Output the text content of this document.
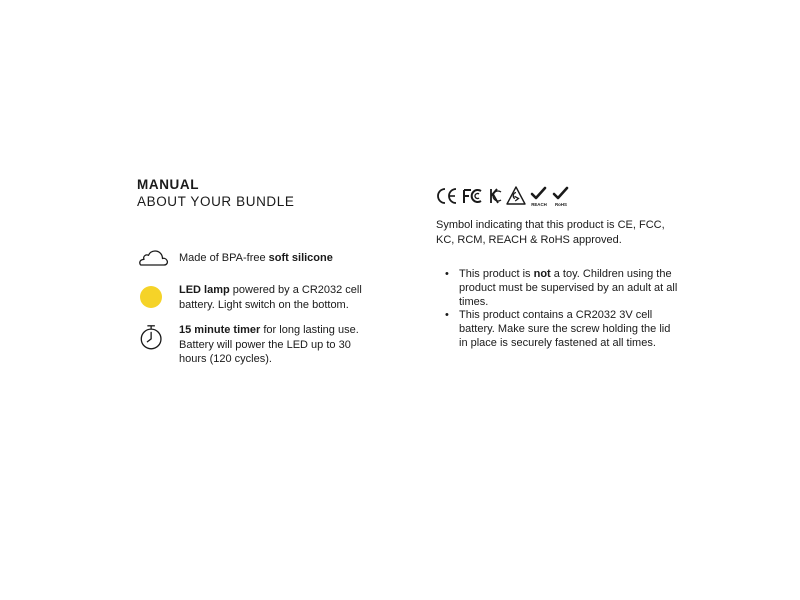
MANUAL

ABOUT YOUR BUNDLE

Made of BPA-free soft silicone
LED lamp powered by a CR2032 cell battery. Light switch on the bottom.
15 minute timer for long lasting use. Battery will power the LED up to 30 hours (120 cycles).
REACH RoHS
Symbol indicating that this product is CE, FCC, KC, RCM, REACH & RoHS approved.
• This product is not a toy. Children using the product must be supervised by an adult at all times.
• This product contains a CR2032 3V cell battery. Make sure the screw holding the lid in place is securely fastened at all times.
